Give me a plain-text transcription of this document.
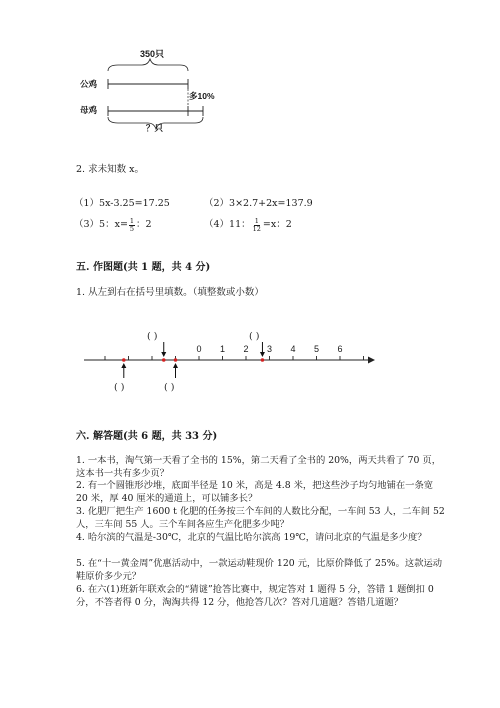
350只
公鸡
母鸡
多10%
？只
2. 求未知数 x。
（1）5x-3.25=17.25	（2）3×2.7+2x=137.9
（3）5：$x= \frac{1}{5}$ ：2	（4）11： $\frac{1}{12} =x$：2
五. 作图题(共 1 题，共 4 分)
1. 从左到右在括号里填数。（填整数或小数）
0 1 2 3 4 5 6
( )	( )
( )	( )
六. 解答题(共 6 题，共 33 分)
1. 一本书，淘气第一天看了全书的 15%，第二天看了全书的 20%，两天共看了 70 页，这本书一共有多少页？
2. 有一个圆锥形沙堆，底面半径是 10 米，高是 4.8 米，把这些沙子均匀地铺在一条宽 20 米，厚 40 厘米的通道上，可以铺多长？
3. 化肥厂把生产 1600 t 化肥的任务按三个车间的人数比分配，一车间 53 人，二车间 52 人，三车间 55 人。三个车间各应生产化肥多少吨？
4. 哈尔滨的气温是-30℃，北京的气温比哈尔滨高 19℃，请问北京的气温是多少度？
5. 在“十一黄金周”优惠活动中，一款运动鞋现价 120 元，比原价降低了 25%。这款运动鞋原价多少元？
6. 在六(1)班新年联欢会的“猜谜”抢答比赛中，规定答对 1 题得 5 分，答错 1 题倒扣 0 分，不答者得 0 分，淘淘共得 12 分，他抢答几次？答对几道题？答错几道题？
